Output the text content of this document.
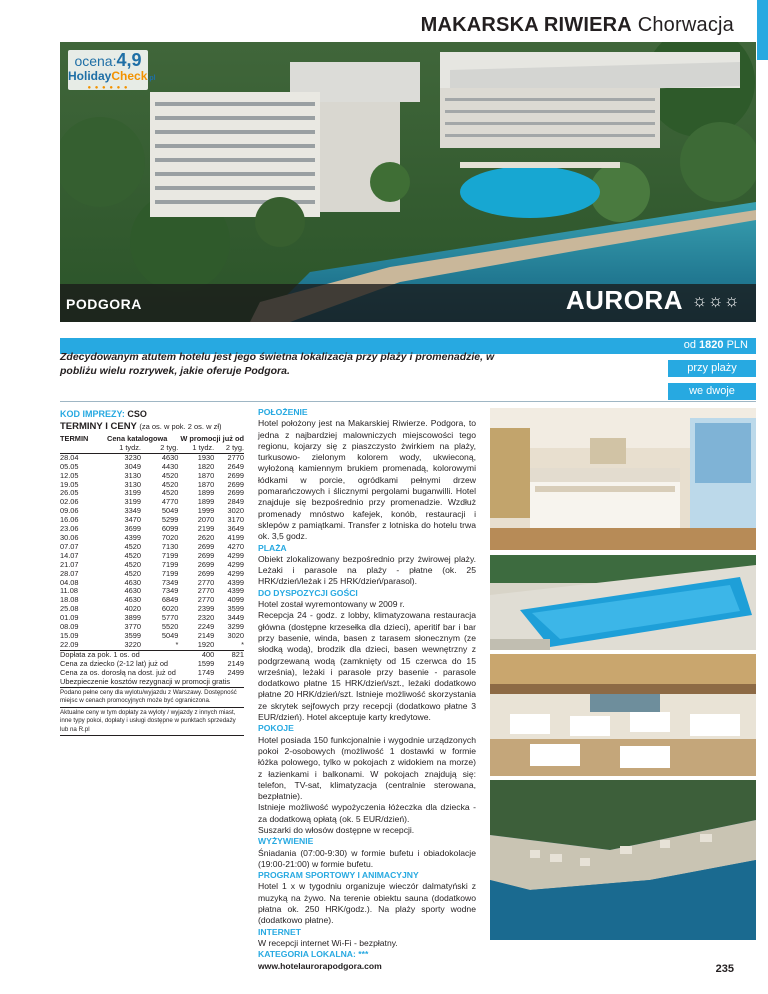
MAKARSKA RIWIERA Chorwacja
ocena:4,9
HolidayCheck.pl
● ● ● ● ● ●
PODGORA	AURORA ☼☼☼
od 1820 PLN
Zdecydowanym atutem hotelu jest jego świetna lokalizacja przy plaży i promenadzie, w pobliżu wielu rozrywek, jakie oferuje Podgora.	przy plaży
we dwoje
KOD IMPREZY: CSO
TERMINY I CENY (za os. w pok. 2 os. w zł)
TERMIN	Cena katalogowa		W promocji już od	
	1 tydz.	2 tyg.	1 tydz.	2 tyg.
28.04	3230	4630	1930	2770
05.05	3049	4430	1820	2649
12.05	3130	4520	1870	2699
19.05	3130	4520	1870	2699
26.05	3199	4520	1899	2699
02.06	3199	4770	1899	2849
09.06	3349	5049	1999	3020
16.06	3470	5299	2070	3170
23.06	3699	6099	2199	3649
30.06	4399	7020	2620	4199
07.07	4520	7130	2699	4270
14.07	4520	7199	2699	4299
21.07	4520	7199	2699	4299
28.07	4520	7199	2699	4299
04.08	4630	7349	2770	4399
11.08	4630	7349	2770	4399
18.08	4630	6849	2770	4099
25.08	4020	6020	2399	3599
01.09	3899	5770	2320	3449
08.09	3770	5520	2249	3299
15.09	3599	5049	2149	3020
22.09	3220	*	1920	*
Dopłata za pok. 1 os. od			400	821
Cena za dziecko (2-12 lat) już od			1599	2149
Cena za os. dorosłą na dost. już od			1749	2499
Ubezpieczenie kosztów rezygnacji w promocji gratis
Podano pełne ceny dla wylotu/wyjazdu z Warszawy. Dostępność miejsc w cenach promocyjnych może być ograniczona.
Aktualne ceny w tym dopłaty za wyloty / wyjazdy z innych miast, inne typy pokoi, dopłaty i usługi dostępne w punktach sprzedaży lub na R.pl
POŁOŻENIE
Hotel położony jest na Makarskiej Riwierze. Podgora, to jedna z najbardziej malowniczych miejscowości tego regionu, kojarzy się z piaszczysto żwirkiem na plaży, turkusowo- zielonym kolorem wody, ukwieconą, wyłożoną kamiennym brukiem promenadą, kolorowymi łódkami w porcie, ogródkami pełnymi drzew pomarańczowych i ślicznymi pergolami buganwilli. Hotel znajduje się bezpośrednio przy promenadzie. Wzdłuż promenady mnóstwo kafejek, konób, restauracji i sklepów z pamiątkami. Transfer z lotniska do hotelu trwa ok. 3,5 godz.
PLAŻA
Obiekt zlokalizowany bezpośrednio przy żwirowej plaży. Leżaki i parasole na plaży - płatne (ok. 25 HRK/dzień/leżak i 25 HRK/dzień/parasol).
DO DYSPOZYCJI GOŚCI
Hotel został wyremontowany w 2009 r.
Recepcja 24 - godz. z lobby, klimatyzowana restauracja główna (dostępne krzesełka dla dzieci), aperitif bar i bar przy basenie, winda, basen z tarasem słonecznym (ze słodką wodą), brodzik dla dzieci, basen wewnętrzny z podgrzewaną wodą (zamknięty od 15 czerwca do 15 września), leżaki i parasole przy basenie - parasole dodatkowo płatne 15 HRK/dzień/szt., leżaki dodatkowo płatne 20 HRK/dzień/szt. Istnieje możliwość skorzystania ze skrytek sejfowych przy recepcji (dodatkowo płatne 3 EUR/dzień). Hotel akceptuje karty kredytowe.
POKOJE
Hotel posiada 150 funkcjonalnie i wygodnie urządzonych pokoi 2-osobowych (możliwość 1 dostawki w formie łóżka polowego, tylko w pokojach z widokiem na morze) z łazienkami i balkonami. W pokojach znajdują się: telefon, TV-sat, klimatyzacja (centralnie sterowana, bezpłatnie).
Istnieje możliwość wypożyczenia łóżeczka dla dziecka - za dodatkową opłatą (ok. 5 EUR/dzień).
Suszarki do włosów dostępne w recepcji.
WYŻYWIENIE
Śniadania (07:00-9:30) w formie bufetu i obiadokolacje (19:00-21:00) w formie bufetu.
PROGRAM SPORTOWY I ANIMACYJNY
Hotel 1 x w tygodniu organizuje wieczór dalmatyński z muzyką na żywo. Na terenie obiektu sauna (dodatkowo płatna ok. 250 HRK/godz.). Na plaży sporty wodne (dodatkowo płatne).
INTERNET
W recepcji internet Wi-Fi - bezpłatny.
KATEGORIA LOKALNA: ***
www.hotelaurorapodgora.com	235
